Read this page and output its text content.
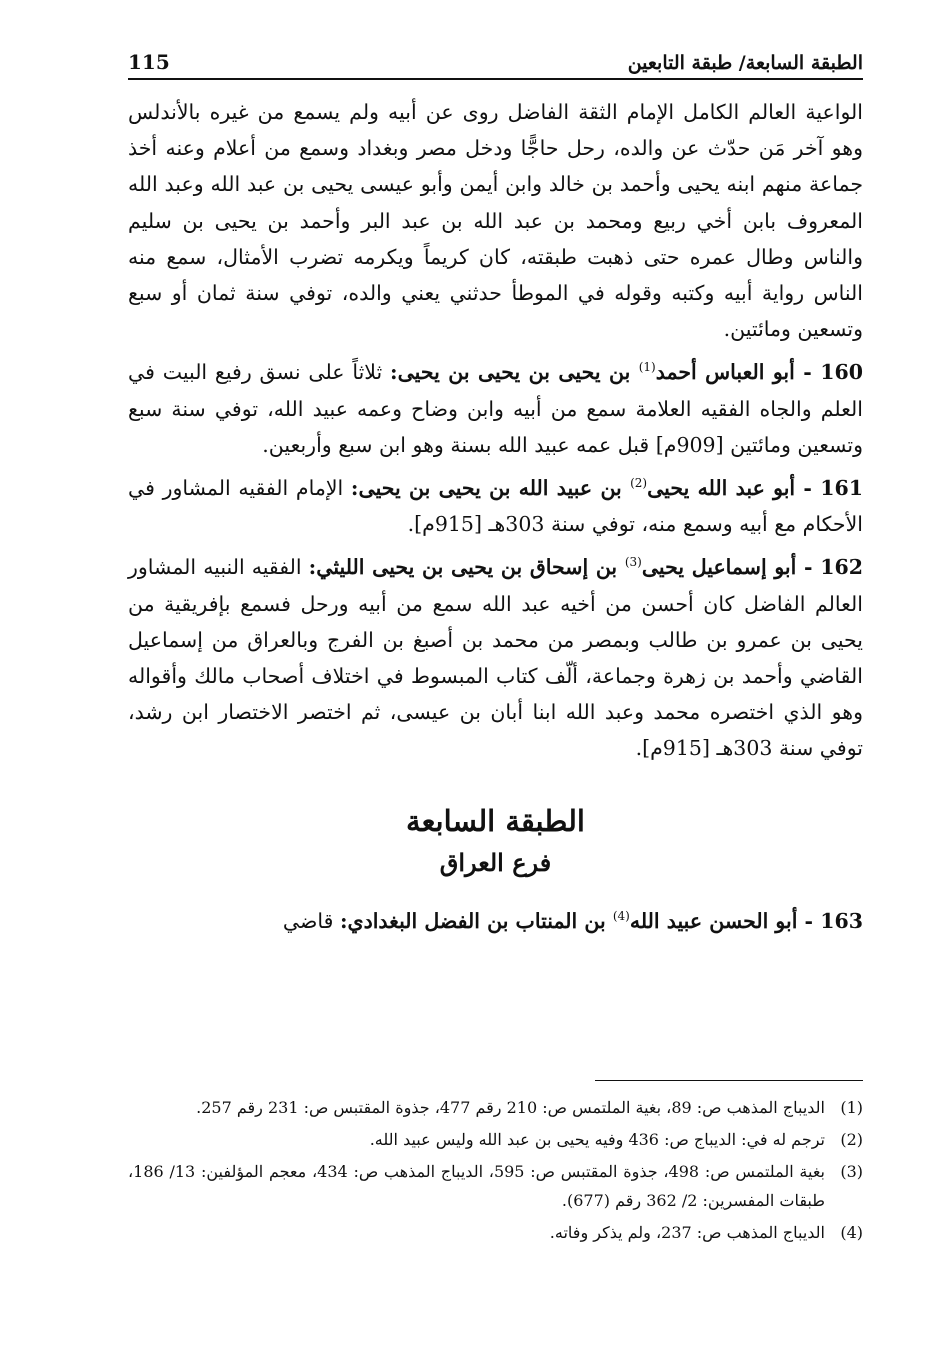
الطبقة السابعة/ طبقة التابعين
115

الواعية العالم الكامل الإمام الثقة الفاضل روى عن أبيه ولم يسمع من غيره بالأندلس وهو آخر مَن حدّث عن والده، رحل حاجًّا ودخل مصر وبغداد وسمع من أعلام وعنه أخذ جماعة منهم ابنه يحيى وأحمد بن خالد وابن أيمن وأبو عيسى يحيى بن عبد الله وعبد الله المعروف بابن أخي ربيع ومحمد بن عبد الله بن عبد البر وأحمد بن يحيى بن سليم والناس وطال عمره حتى ذهبت طبقته، كان كريماً ويكرمه تضرب الأمثال، سمع منه الناس رواية أبيه وكتبه وقوله في الموطأ حدثني يعني والده، توفي سنة ثمان أو سبع وتسعين ومائتين.

160 - أبو العباس أحمد$^{(1)}$ بن يحيى بن يحيى بن يحيى: ثلاثاً على نسق رفيع البيت في العلم والجاه الفقيه العلامة سمع من أبيه وابن وضاح وعمه عبيد الله، توفي سنة سبع وتسعين ومائتين [909م] قبل عمه عبيد الله بسنة وهو ابن سبع وأربعين.

161 - أبو عبد الله يحيى$^{(2)}$ بن عبيد الله بن يحيى بن يحيى: الإمام الفقيه المشاور في الأحكام مع أبيه وسمع منه، توفي سنة 303هـ [915م].

162 - أبو إسماعيل يحيى$^{(3)}$ بن إسحاق بن يحيى بن يحيى الليثي: الفقيه النبيه المشاور العالم الفاضل كان أحسن من أخيه عبد الله سمع من أبيه ورحل فسمع بإفريقية من يحيى بن عمرو بن طالب وبمصر من محمد بن أصبغ بن الفرج وبالعراق من إسماعيل القاضي وأحمد بن زهرة وجماعة، ألّف كتاب المبسوط في اختلاف أصحاب مالك وأقواله وهو الذي اختصره محمد وعبد الله ابنا أبان بن عيسى، ثم اختصر الاختصار ابن رشد، توفي سنة 303هـ [915م].

الطبقة السابعة
فرع العراق

163 - أبو الحسن عبيد الله$^{(4)}$ بن المنتاب بن الفضل البغدادي: قاضي

(1)
الديباج المذهب ص: 89، بغية الملتمس ص: 210 رقم 477، جذوة المقتبس ص: 231 رقم 257.
(2)
ترجم له في: الديباج ص: 436 وفيه يحيى بن عبد الله وليس عبيد الله.
(3)
بغية الملتمس ص: 498، جذوة المقتبس ص: 595، الديباج المذهب ص: 434، معجم المؤلفين: 13/ 186، طبقات المفسرين: 2/ 362 رقم (677).
(4)
الديباج المذهب ص: 237، ولم يذكر وفاته.
